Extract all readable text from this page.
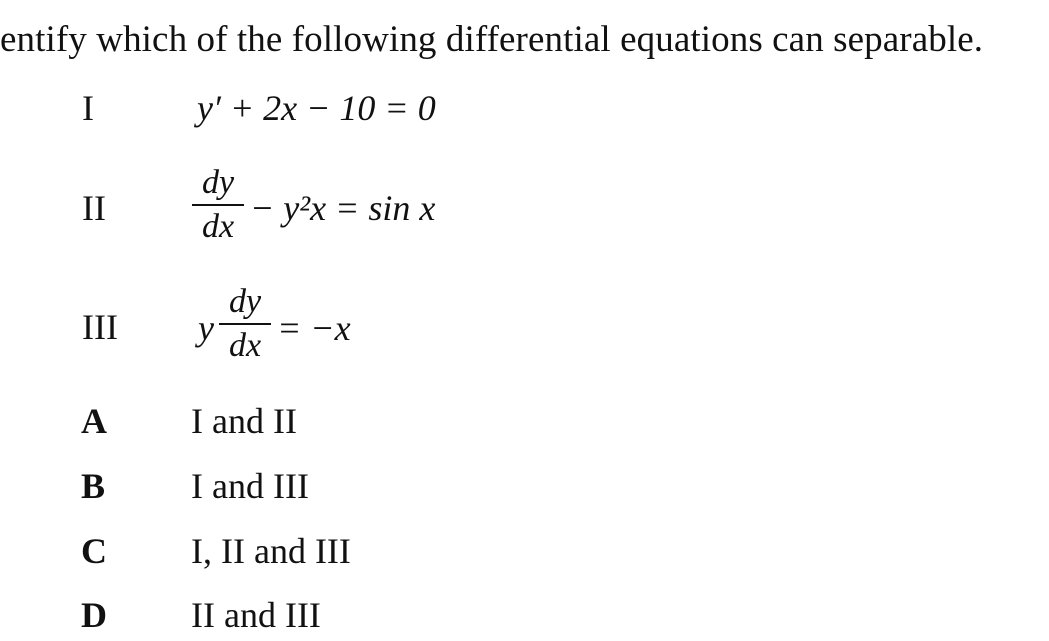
entify which of the following differential equations can separable.
I	y′ + 2x − 10 = 0
II
dy
dx − y²x = sin x
III y
dy
dx = −x
A I and II
B I and III
C I, II and III
D II and III
